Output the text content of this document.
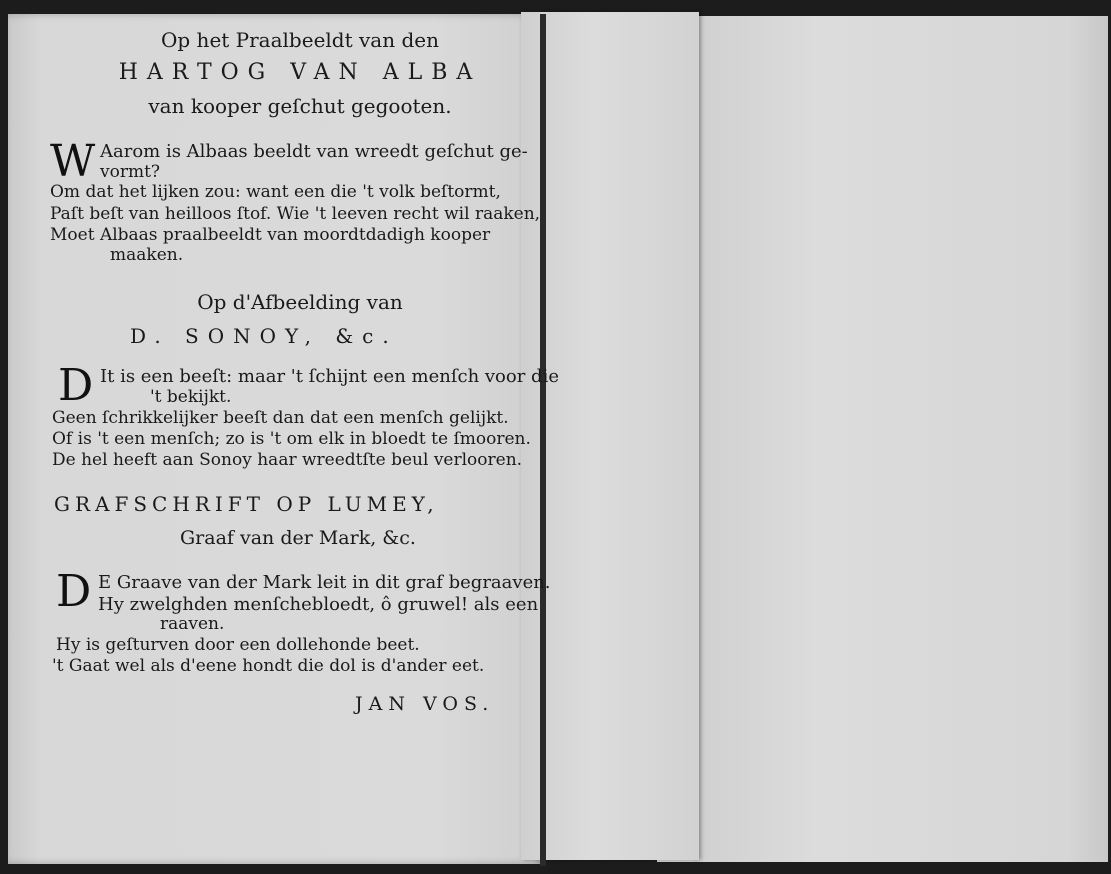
Op het Praalbeeldt van den
HARTOG VAN ALBA
van kooper geſchut gegooten.
W Aarom is Albaas beeldt van wreedt geſchut ge-
vormt?
Om dat het lijken zou: want een die 't volk beſtormt,
Paſt beſt van heilloos ſtof. Wie 't leeven recht wil raaken,
Moet Albaas praalbeeldt van moordtdadigh kooper
maaken.
Op d'Afbeelding van
D. SONOY, &c.
D It is een beeſt: maar 't ſchijnt een menſch voor die
't bekijkt.
Geen ſchrikkelijker beeſt dan dat een menſch gelijkt.
Of is 't een menſch; zo is 't om elk in bloedt te ſmooren.
De hel heeft aan Sonoy haar wreedtſte beul verlooren.
GRAFSCHRIFT OP LUMEY,
Graaf van der Mark, &c.
D E Graave van der Mark leit in dit graf begraaven.
Hy zwelghden menſchebloedt, ô gruwel! als een
raaven.
Hy is geſturven door een dollehonde beet.
't Gaat wel als d'eene hondt die dol is d'ander eet.
JAN VOS.
